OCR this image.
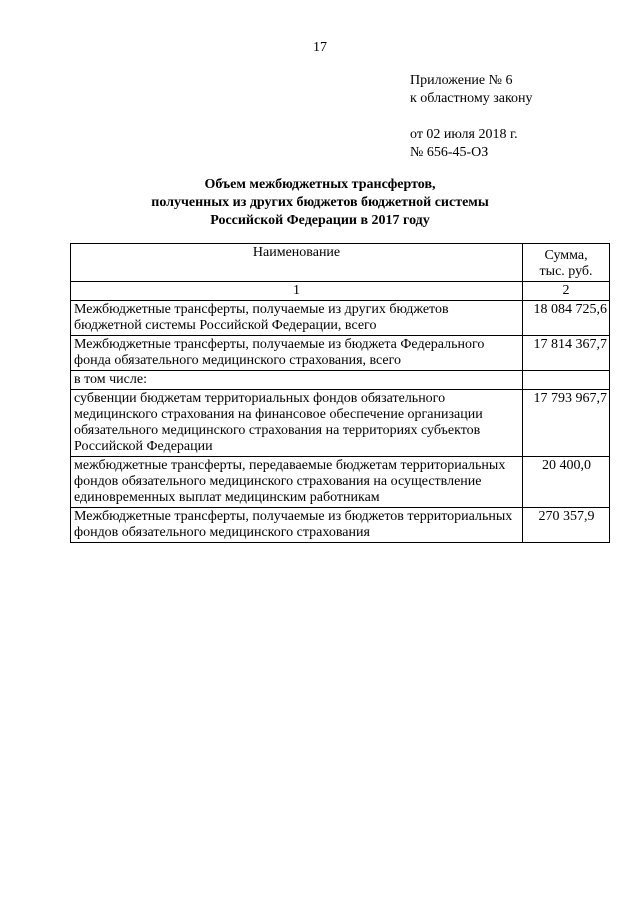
17
Приложение № 6
к областному закону
от 02 июля 2018 г.
№ 656-45-ОЗ
Объем межбюджетных трансфертов,
полученных из других бюджетов бюджетной системы
Российской Федерации в 2017 году
Наименование	Сумма,
тыс. руб.

1	2
Межбюджетные трансферты, получаемые из других бюджетов бюджетной системы Российской Федерации, всего	18 084 725,6
Межбюджетные трансферты, получаемые из бюджета Федерального фонда обязательного медицинского страхования, всего	17 814 367,7
в том числе:	
субвенции бюджетам территориальных фондов обязательного медицинского страхования на финансовое обеспечение организации обязательного медицинского страхования на территориях субъектов Российской Федерации	17 793 967,7
межбюджетные трансферты, передаваемые бюджетам территориальных фондов обязательного медицинского страхования на осуществление единовременных выплат медицинским работникам	20 400,0
Межбюджетные трансферты, получаемые из бюджетов территориальных фондов обязательного медицинского страхования	270 357,9
